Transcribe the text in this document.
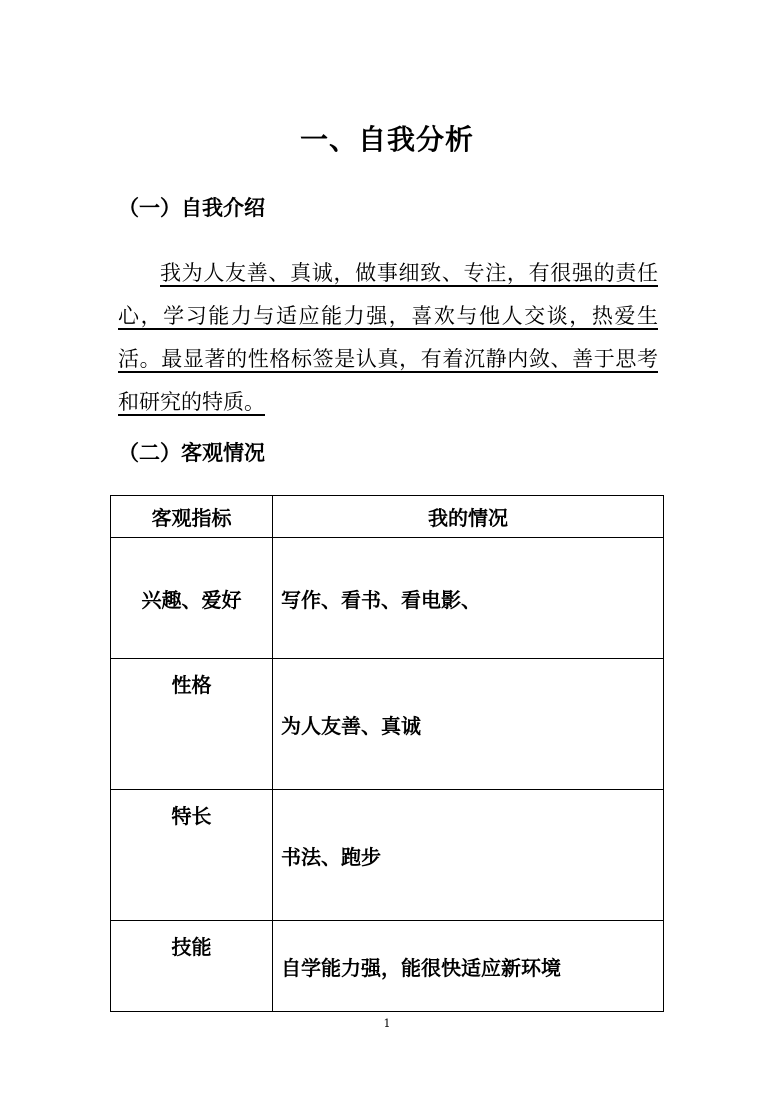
一、自我分析
（一）自我介绍

我为人友善、真诚，做事细致、专注，有很强的责任心，学习能力与适应能力强，喜欢与他人交谈，热爱生活。最显著的性格标签是认真，有着沉静内敛、善于思考和研究的特质。

（二）客观情况
客观指标	我的情况
兴趣、爱好	写作、看书、看电影、
性格	为人友善、真诚
特长	书法、跑步
技能	自学能力强，能很快适应新环境
1
